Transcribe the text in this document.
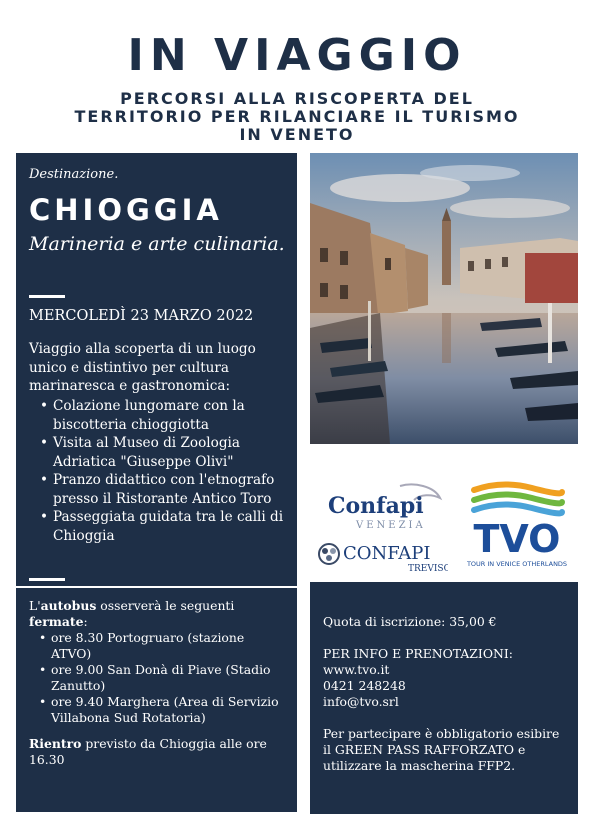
IN VIAGGIO
PERCORSI ALLA RISCOPERTA DEL TERRITORIO PER RILANCIARE IL TURISMO IN VENETO
Destinazione.
CHIOGGIA
Marineria e arte culinaria.
MERCOLEDÌ 23 MARZO 2022
Viaggio alla scoperta di un luogo unico e distintivo per cultura marinaresca e gastronomica:
• Colazione lungomare con la biscotteria chioggiotta
• Visita al Museo di Zoologia Adriatica "Giuseppe Olivi"
• Pranzo didattico con l'etnografo presso il Ristorante Antico Toro
• Passeggiata guidata tra le calli di Chioggia
L'autobus osserverà le seguenti
fermate:
• ore 8.30 Portogruaro (stazione ATVO)
• ore 9.00 San Donà di Piave (Stadio Zanutto)
• ore 9.40 Marghera (Area di Servizio Villabona Sud Rotatoria)
Rientro previsto da Chioggia alle ore 16.30
Confapi
VENEZIA
CONFAPI
TREVISO
TVO
TOUR IN VENICE OTHERLANDS
Quota di iscrizione: 35,00 €
PER INFO E PRENOTAZIONI:
www.tvo.it
0421 248248
info@tvo.srl
Per partecipare è obbligatorio esibire il GREEN PASS RAFFORZATO e utilizzare la mascherina FFP2.
